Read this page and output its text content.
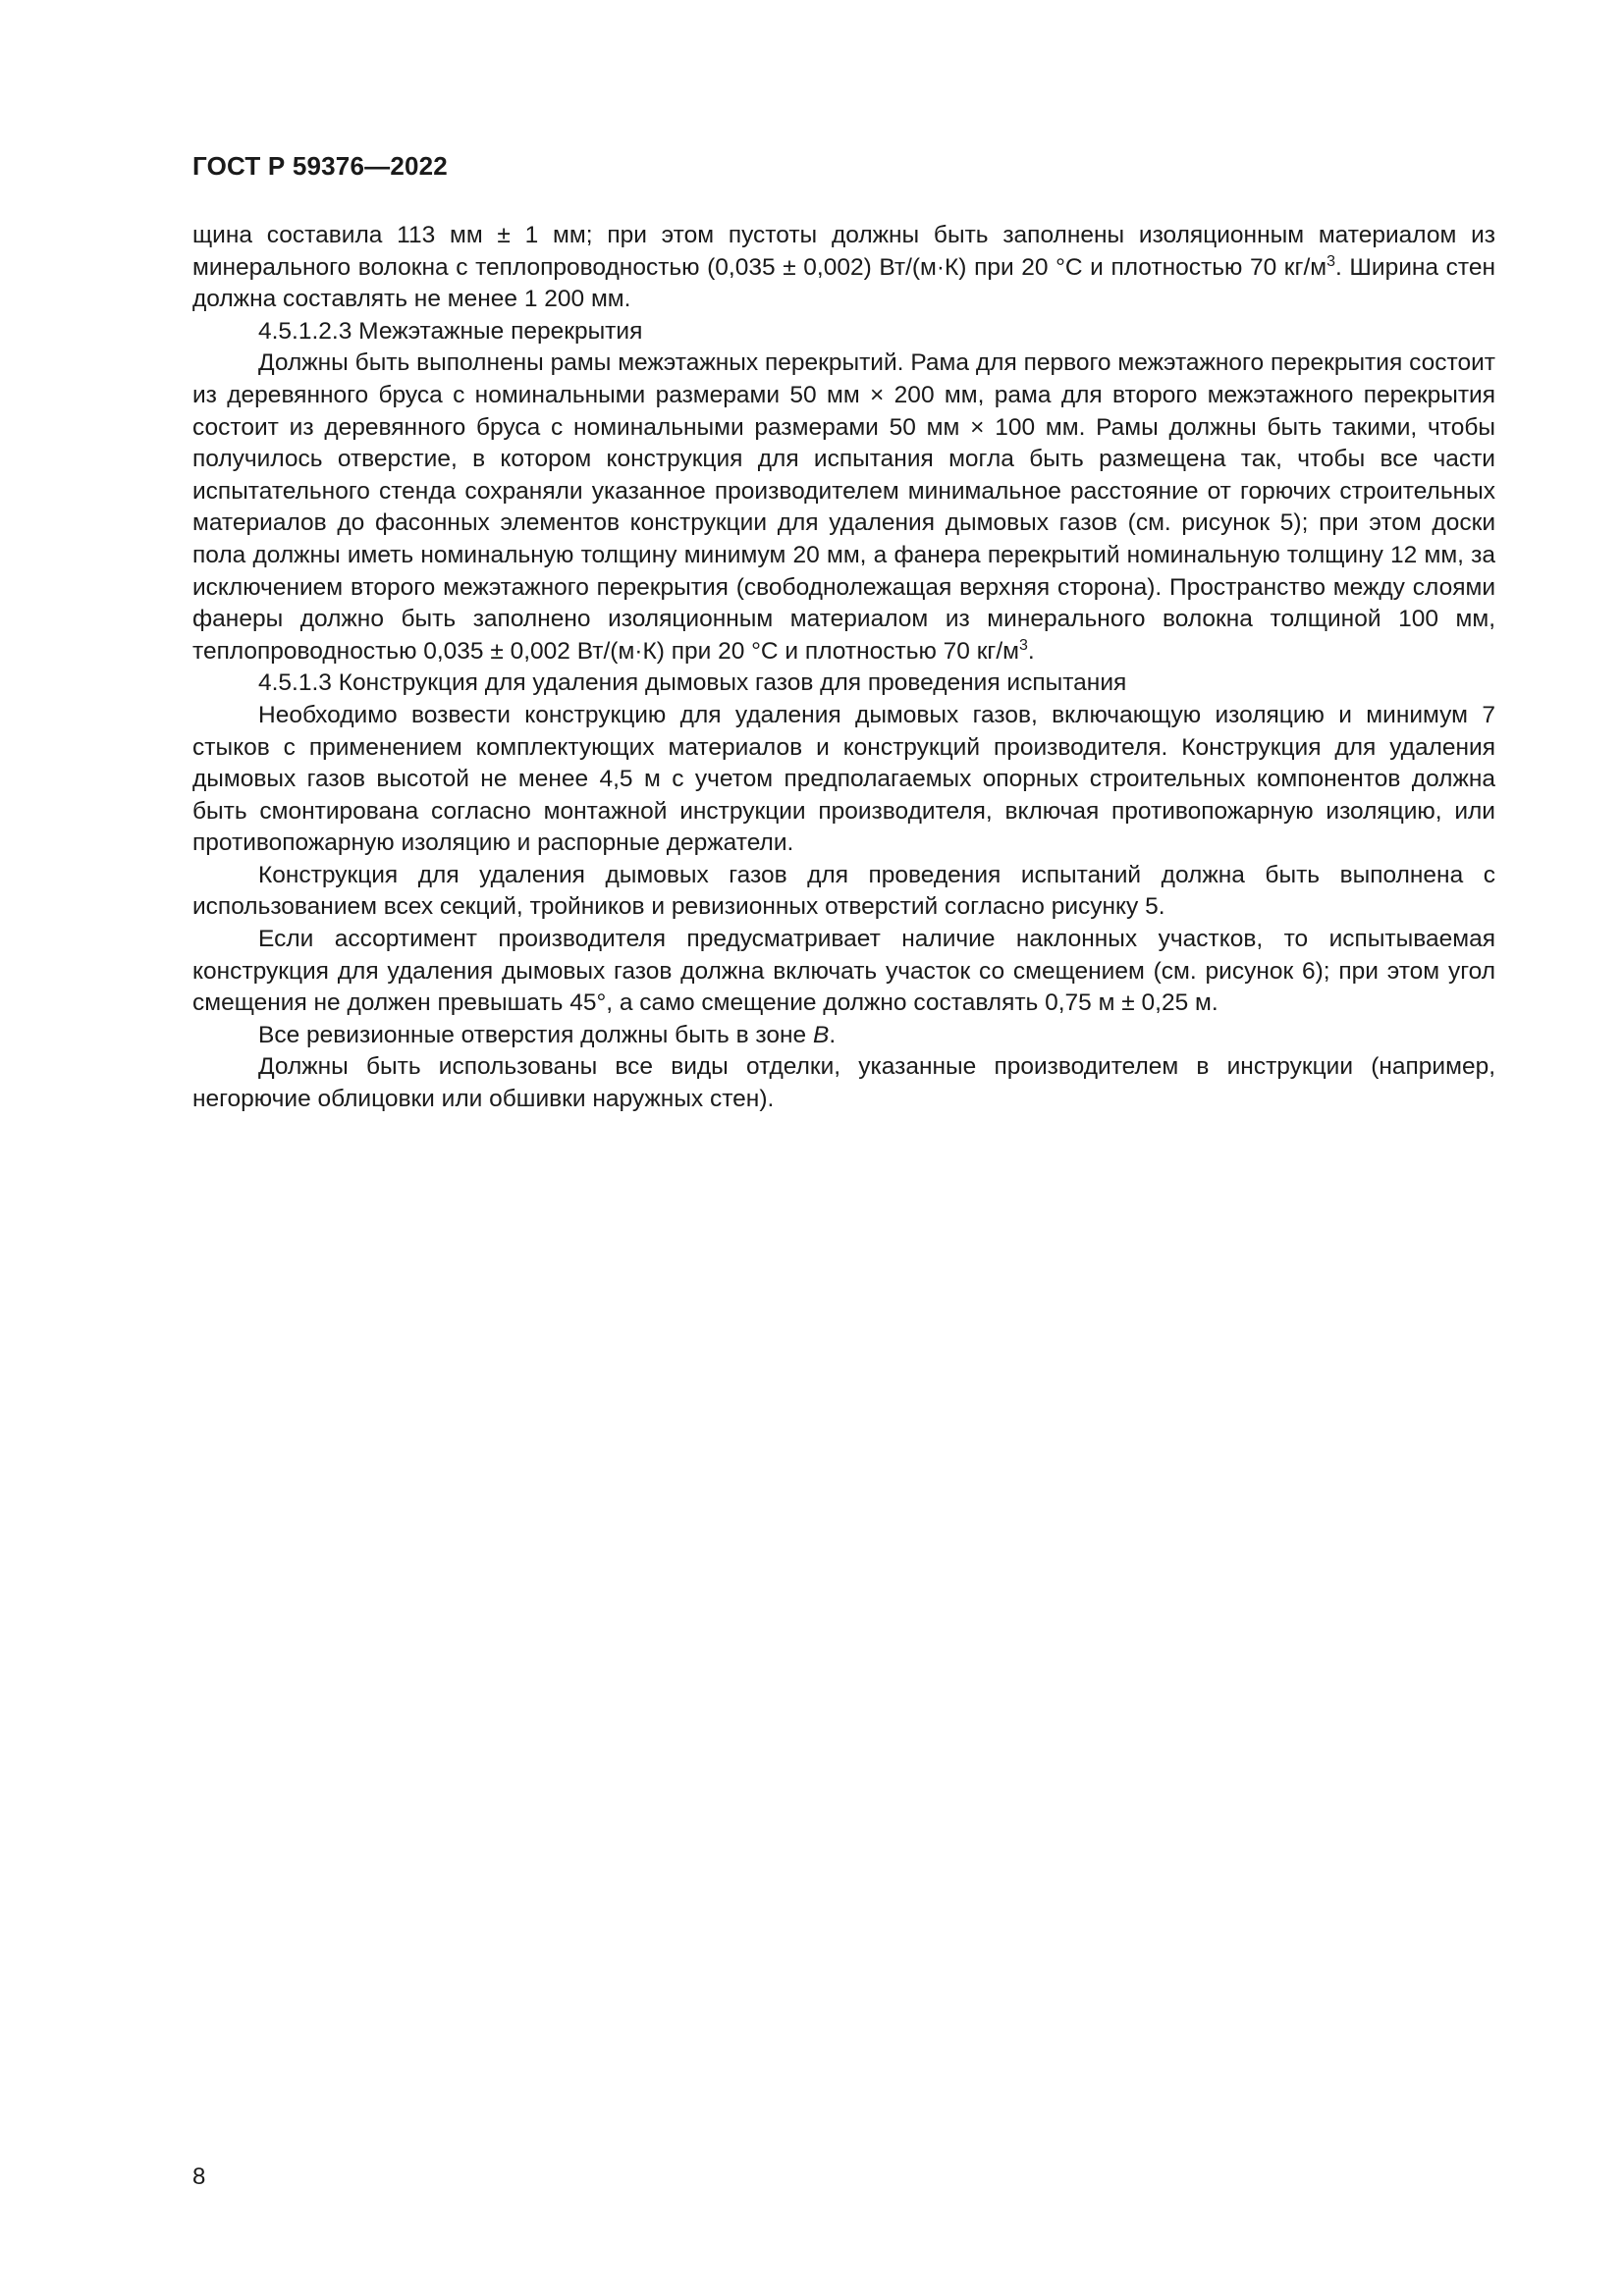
ГОСТ Р 59376—2022

щина составила 113 мм ± 1 мм; при этом пустоты должны быть заполнены изоляционным материалом из минерального волокна с теплопроводностью (0,035 ± 0,002) Вт/(м·К) при 20 °С и плотностью 70 $кг/м^3$. Ширина стен должна составлять не менее 1 200 мм.

4.5.1.2.3 Межэтажные перекрытия

Должны быть выполнены рамы межэтажных перекрытий. Рама для первого межэтажного перекрытия состоит из деревянного бруса с номинальными размерами 50 мм × 200 мм, рама для второго межэтажного перекрытия состоит из деревянного бруса с номинальными размерами 50 мм × 100 мм. Рамы должны быть такими, чтобы получилось отверстие, в котором конструкция для испытания могла быть размещена так, чтобы все части испытательного стенда сохраняли указанное производителем минимальное расстояние от горючих строительных материалов до фасонных элементов конструкции для удаления дымовых газов (см. рисунок 5); при этом доски пола должны иметь номинальную толщину минимум 20 мм, а фанера перекрытий номинальную толщину 12 мм, за исключением второго межэтажного перекрытия (свободнолежащая верхняя сторона). Пространство между слоями фанеры должно быть заполнено изоляционным материалом из минерального волокна толщиной 100 мм, теплопроводностью 0,035 ± 0,002 Вт/(м·К) при 20 °С и плотностью 70 $кг/м^3$.

4.5.1.3 Конструкция для удаления дымовых газов для проведения испытания

Необходимо возвести конструкцию для удаления дымовых газов, включающую изоляцию и минимум 7 стыков с применением комплектующих материалов и конструкций производителя. Конструкция для удаления дымовых газов высотой не менее 4,5 м с учетом предполагаемых опорных строительных компонентов должна быть смонтирована согласно монтажной инструкции производителя, включая противопожарную изоляцию, или противопожарную изоляцию и распорные держатели.

Конструкция для удаления дымовых газов для проведения испытаний должна быть выполнена с использованием всех секций, тройников и ревизионных отверстий согласно рисунку 5.

Если ассортимент производителя предусматривает наличие наклонных участков, то испытываемая конструкция для удаления дымовых газов должна включать участок со смещением (см. рисунок 6); при этом угол смещения не должен превышать 45°, а само смещение должно составлять 0,75 м ± 0,25 м.

Все ревизионные отверстия должны быть в зоне В.

Должны быть использованы все виды отделки, указанные производителем в инструкции (например, негорючие облицовки или обшивки наружных стен).

8
